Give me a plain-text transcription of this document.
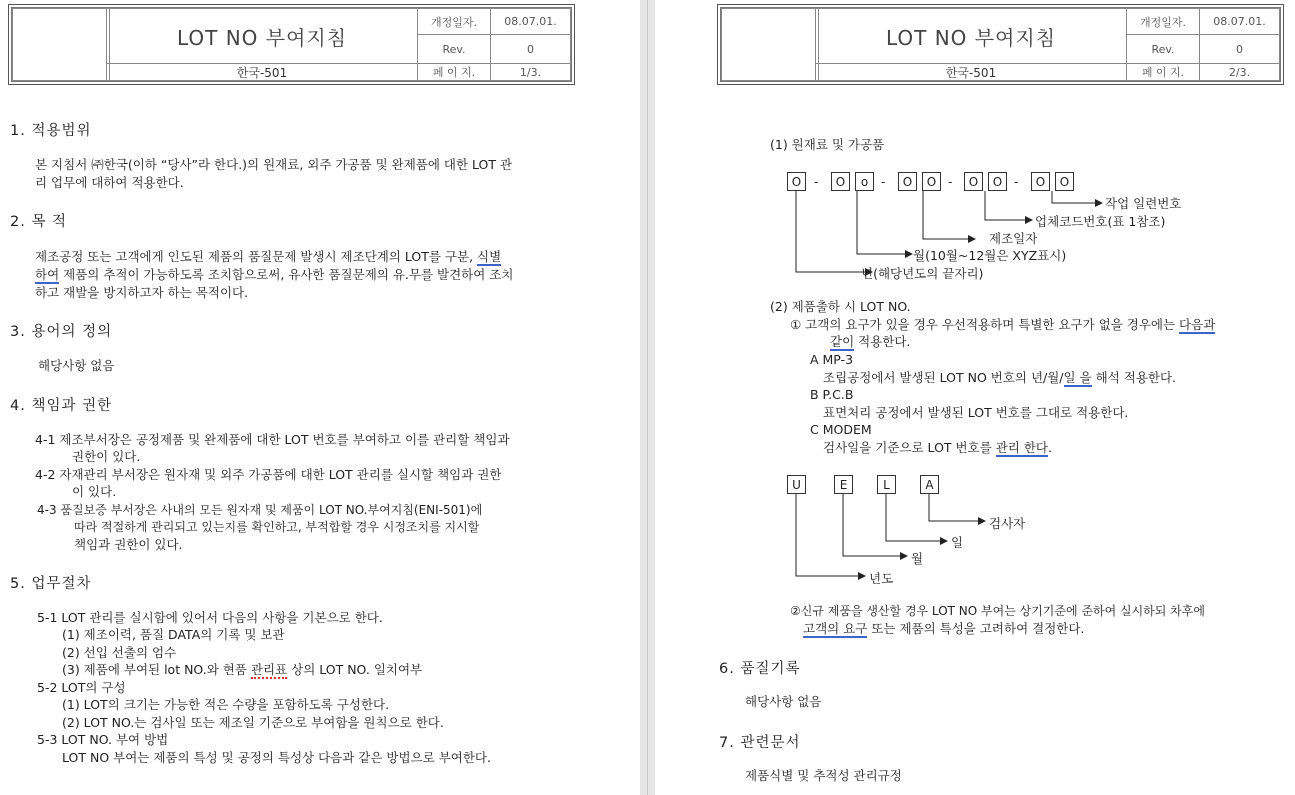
LOT NO 부여지침
개정일자.	08.07.01.
Rev.	0
한국-501	페 이 지.	1/3.
1. 적용범위
본 지침서 ㈜한국(이하 “당사”라 한다.)의 원재료, 외주 가공품 및 완제품에 대한 LOT 관
리 업무에 대하여 적용한다.
2. 목 적
제조공정 또는 고객에게 인도된 제품의 품질문제 발생시 제조단계의 LOT를 구분, 식별
하여 제품의 추적이 가능하도록 조치함으로써, 유사한 품질문제의 유.무를 발견하여 조치
하고 재발을 방지하고자 하는 목적이다.
3. 용어의 정의
해당사항 없음
4. 책임과 권한
4-1 제조부서장은 공정제품 및 완제품에 대한 LOT 번호를 부여하고 이를 관리할 책임과
권한이 있다.
4-2 자재관리 부서장은 원자재 및 외주 가공품에 대한 LOT 관리를 실시할 책임과 권한
이 있다.
4-3 품질보증 부서장은 사내의 모든 원자재 및 제품이 LOT NO.부여지침(ENI-501)에
따라 적절하게 관리되고 있는지를 확인하고, 부적합할 경우 시정조치를 지시할
책임과 권한이 있다.
5. 업무절차
5-1 LOT 관리를 실시함에 있어서 다음의 사항을 기본으로 한다.
(1) 제조이력, 품질 DATA의 기록 및 보관
(2) 선입 선출의 엄수
(3) 제품에 부여된 lot NO.와 현품 관리표 상의 LOT NO. 일치여부
5-2 LOT의 구성
(1) LOT의 크기는 가능한 적은 수량을 포함하도록 구성한다.
(2) LOT NO.는 검사일 또는 제조일 기준으로 부여함을 원칙으로 한다.
5-3 LOT NO. 부여 방법
LOT NO 부여는 제품의 특성 및 공정의 특성상 다음과 같은 방법으로 부여한다.
LOT NO 부여지침
개정일자.	08.07.01.
Rev.	0
한국-501	페 이 지.	2/3.
(1) 원재료 및 가공품
-	-	-	-
O	O	o	O	O	O	O	O	O
작업 일련번호
업체코드번호(표 1참조)
제조일자
월(10월~12월은 XYZ표시)
년(해당년도의 끝자리)
(2) 제품출하 시 LOT NO.
① 고객의 요구가 있을 경우 우선적용하며 특별한 요구가 없을 경우에는 다음과
같이 적용한다.
A MP-3
조립공정에서 발생된 LOT NO 번호의 년/월/일 을 해석 적용한다.
B P.C.B
표면처리 공정에서 발생된 LOT 번호를 그대로 적용한다.
C MODEM
검사일을 기준으로 LOT 번호를 관리 한다.
U	E	L	A
검사자
일
월
년도
②신규 제품을 생산할 경우 LOT NO 부여는 상기기준에 준하여 실시하되 차후에
고객의 요구 또는 제품의 특성을 고려하여 결정한다.
6. 품질기록
해당사항 없음
7. 관련문서
제품식별 및 추적성 관리규정
